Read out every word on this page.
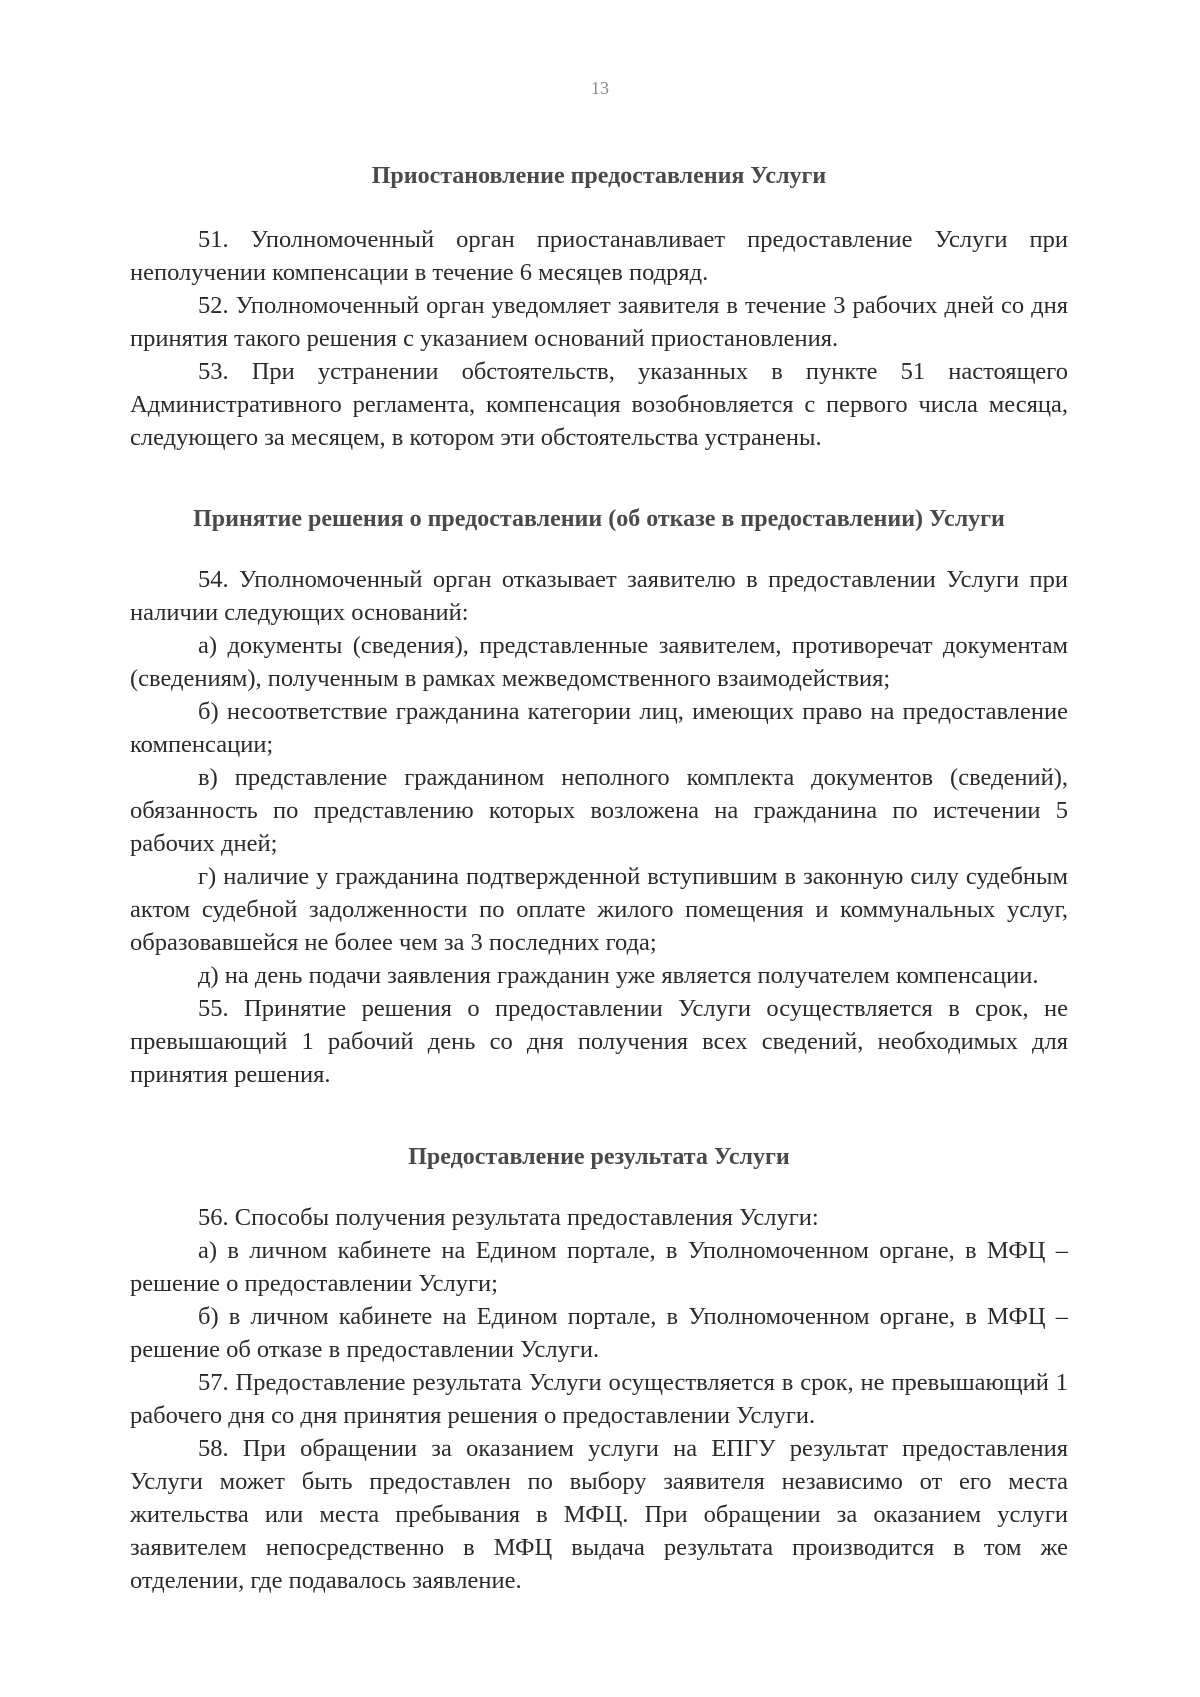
13
Приостановление предоставления Услуги

51. Уполномоченный орган приостанавливает предоставление Услуги при неполучении компенсации в течение 6 месяцев подряд.

52. Уполномоченный орган уведомляет заявителя в течение 3 рабочих дней со дня принятия такого решения с указанием оснований приостановления.

53. При устранении обстоятельств, указанных в пункте 51 настоящего Административного регламента, компенсация возобновляется с первого числа месяца, следующего за месяцем, в котором эти обстоятельства устранены.

Принятие решения о предоставлении (об отказе в предоставлении) Услуги

54. Уполномоченный орган отказывает заявителю в предоставлении Услуги при наличии следующих оснований:

а) документы (сведения), представленные заявителем, противоречат документам (сведениям), полученным в рамках межведомственного взаимодействия;

б) несоответствие гражданина категории лиц, имеющих право на предоставление компенсации;

в) представление гражданином неполного комплекта документов (сведений), обязанность по представлению которых возложена на гражданина по истечении 5 рабочих дней;

г) наличие у гражданина подтвержденной вступившим в законную силу судебным актом судебной задолженности по оплате жилого помещения и коммунальных услуг, образовавшейся не более чем за 3 последних года;

д) на день подачи заявления гражданин уже является получателем компенсации.

55. Принятие решения о предоставлении Услуги осуществляется в срок, не превышающий 1 рабочий день со дня получения всех сведений, необходимых для принятия решения.

Предоставление результата Услуги

56. Способы получения результата предоставления Услуги:

а) в личном кабинете на Едином портале, в Уполномоченном органе, в МФЦ – решение о предоставлении Услуги;

б) в личном кабинете на Едином портале, в Уполномоченном органе, в МФЦ – решение об отказе в предоставлении Услуги.

57. Предоставление результата Услуги осуществляется в срок, не превышающий 1 рабочего дня со дня принятия решения о предоставлении Услуги.

58. При обращении за оказанием услуги на ЕПГУ результат предоставления Услуги может быть предоставлен по выбору заявителя независимо от его места жительства или места пребывания в МФЦ. При обращении за оказанием услуги заявителем непосредственно в МФЦ выдача результата производится в том же отделении, где подавалось заявление.
